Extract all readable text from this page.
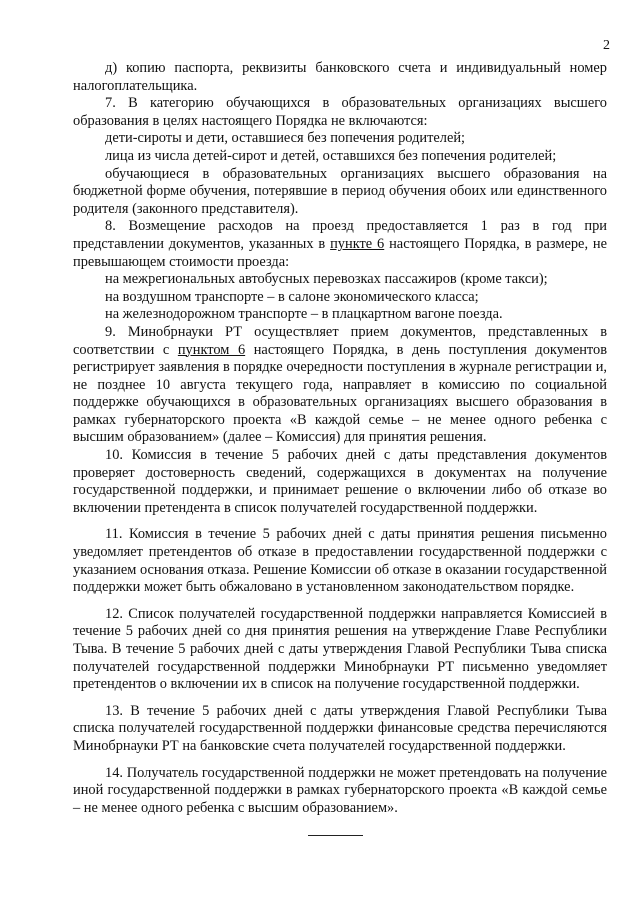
2

д) копию паспорта, реквизиты банковского счета и индивидуальный номер налогоплательщика.

7. В категорию обучающихся в образовательных организациях высшего образования в целях настоящего Порядка не включаются:

дети-сироты и дети, оставшиеся без попечения родителей;

лица из числа детей-сирот и детей, оставшихся без попечения родителей;

обучающиеся в образовательных организациях высшего образования на бюджетной форме обучения, потерявшие в период обучения обоих или единственного родителя (законного представителя).

8. Возмещение расходов на проезд предоставляется 1 раз в год при представлении документов, указанных в пункте 6 настоящего Порядка, в размере, не превышающем стоимости проезда:

на межрегиональных автобусных перевозках пассажиров (кроме такси);

на воздушном транспорте – в салоне экономического класса;

на железнодорожном транспорте – в плацкартном вагоне поезда.

9. Минобрнауки РТ осуществляет прием документов, представленных в соответствии с пунктом 6 настоящего Порядка, в день поступления документов регистрирует заявления в порядке очередности поступления в журнале регистрации и, не позднее 10 августа текущего года, направляет в комиссию по социальной поддержке обучающихся в образовательных организациях высшего образования в рамках губернаторского проекта «В каждой семье – не менее одного ребенка с высшим образованием» (далее – Комиссия) для принятия решения.

10. Комиссия в течение 5 рабочих дней с даты представления документов проверяет достоверность сведений, содержащихся в документах на получение государственной поддержки, и принимает решение о включении либо об отказе во включении претендента в список получателей государственной поддержки.

11. Комиссия в течение 5 рабочих дней с даты принятия решения письменно уведомляет претендентов об отказе в предоставлении государственной поддержки с указанием основания отказа. Решение Комиссии об отказе в оказании государственной поддержки может быть обжаловано в установленном законодательством порядке.

12. Список получателей государственной поддержки направляется Комиссией в течение 5 рабочих дней со дня принятия решения на утверждение Главе Республики Тыва. В течение 5 рабочих дней с даты утверждения Главой Республики Тыва списка получателей государственной поддержки Минобрнауки РТ письменно уведомляет претендентов о включении их в список на получение государственной поддержки.

13. В течение 5 рабочих дней с даты утверждения Главой Республики Тыва списка получателей государственной поддержки финансовые средства перечисляются Минобрнауки РТ на банковские счета получателей государственной поддержки.

14. Получатель государственной поддержки не может претендовать на получение иной государственной поддержки в рамках губернаторского проекта «В каждой семье – не менее одного ребенка с высшим образованием».
